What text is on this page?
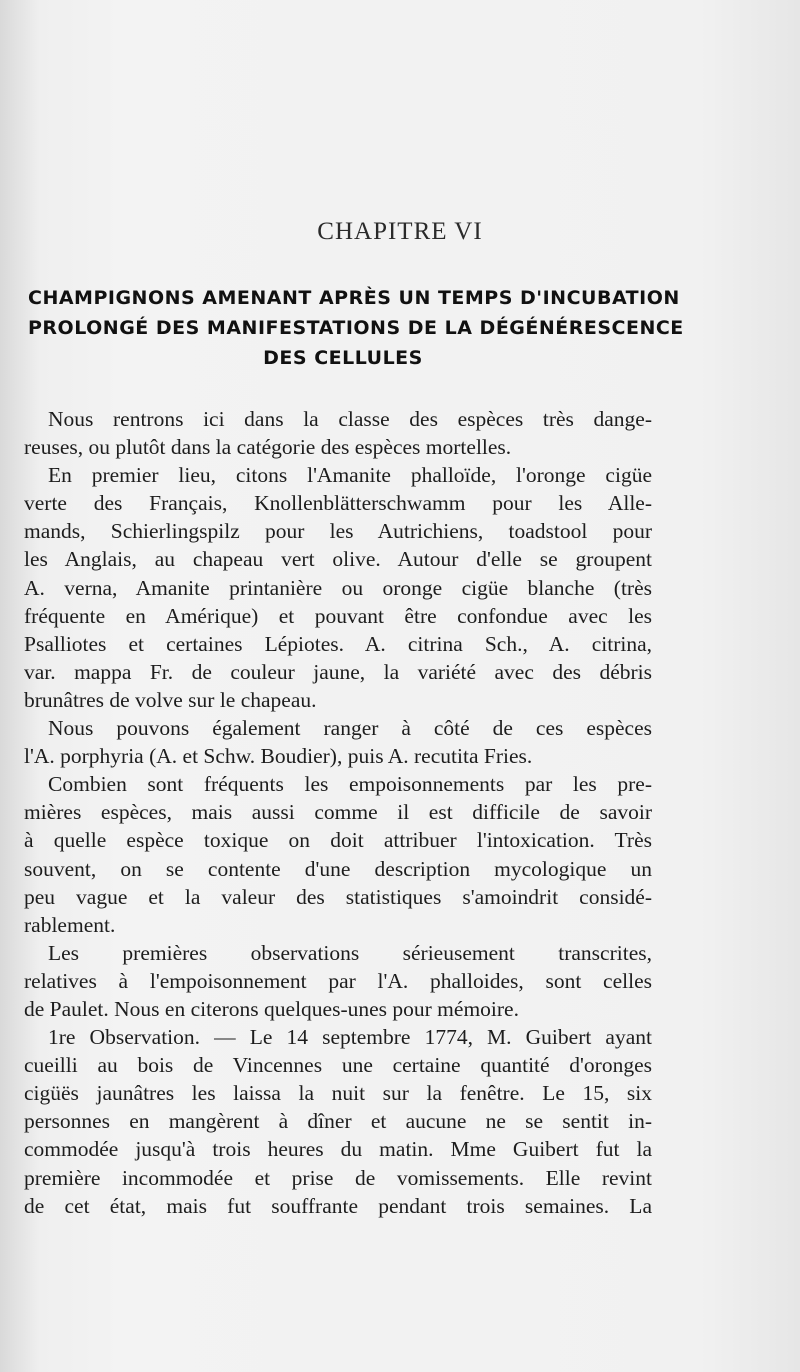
CHAPITRE VI
CHAMPIGNONS AMENANT APRÈS UN TEMPS D'INCUBATION
PROLONGÉ DES MANIFESTATIONS DE LA DÉGÉNÉRESCENCE
DES CELLULES
Nous rentrons ici dans la classe des espèces très dange-
reuses, ou plutôt dans la catégorie des espèces mortelles.
En premier lieu, citons l'Amanite phalloïde, l'oronge cigüe
verte des Français, Knollenblätterschwamm pour les Alle-
mands, Schierlingspilz pour les Autrichiens, toadstool pour
les Anglais, au chapeau vert olive. Autour d'elle se groupent
A. verna, Amanite printanière ou oronge cigüe blanche (très
fréquente en Amérique) et pouvant être confondue avec les
Psalliotes et certaines Lépiotes. A. citrina Sch., A. citrina,
var. mappa Fr. de couleur jaune, la variété avec des débris
brunâtres de volve sur le chapeau.
Nous pouvons également ranger à côté de ces espèces
l'A. porphyria (A. et Schw. Boudier), puis A. recutita Fries.
Combien sont fréquents les empoisonnements par les pre-
mières espèces, mais aussi comme il est difficile de savoir
à quelle espèce toxique on doit attribuer l'intoxication. Très
souvent, on se contente d'une description mycologique un
peu vague et la valeur des statistiques s'amoindrit considé-
rablement.
Les premières observations sérieusement transcrites,
relatives à l'empoisonnement par l'A. phalloides, sont celles
de Paulet. Nous en citerons quelques-unes pour mémoire.
1re Observation. — Le 14 septembre 1774, M. Guibert ayant
cueilli au bois de Vincennes une certaine quantité d'oronges
cigüës jaunâtres les laissa la nuit sur la fenêtre. Le 15, six
personnes en mangèrent à dîner et aucune ne se sentit in-
commodée jusqu'à trois heures du matin. Mme Guibert fut la
première incommodée et prise de vomissements. Elle revint
de cet état, mais fut souffrante pendant trois semaines. La
